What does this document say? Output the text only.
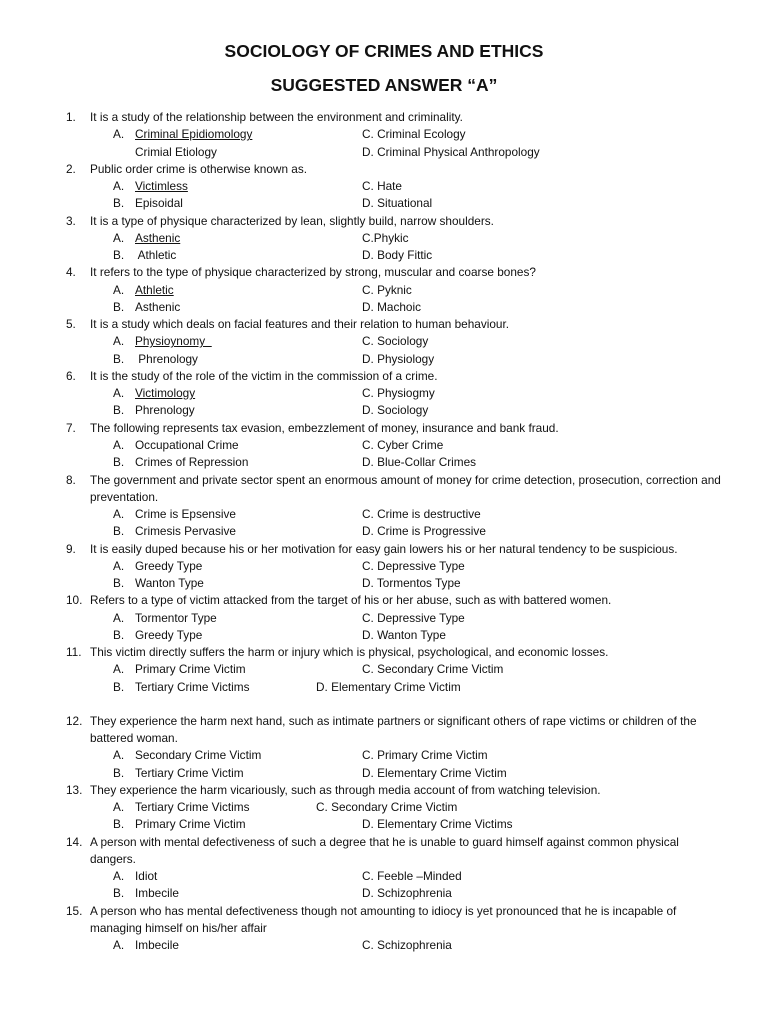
SOCIOLOGY OF CRIMES AND ETHICS
SUGGESTED ANSWER “A”
1. It is a study of the relationship between the environment and criminality.
A. Criminal Epidiomology	C. Criminal Ecology
Crimial Etiology	D. Criminal Physical Anthropology
2. Public order crime is otherwise known as.
A. Victimless	C. Hate
B. Episoidal	D. Situational
3. It is a type of physique characterized by lean, slightly build, narrow shoulders.
A. Asthenic	C.Phykic
B. Athletic	D. Body Fittic
4. It refers to the type of physique characterized by strong, muscular and coarse bones?
A. Athletic	C. Pyknic
B. Asthenic	D. Machoic
5. It is a study which deals on facial features and their relation to human behaviour.
A. Physioynomy	C. Sociology
B. Phrenology	D. Physiology
6. It is the study of the role of the victim in the commission of a crime.
A. Victimology	C. Physiogmy
B. Phrenology	D. Sociology
7. The following represents tax evasion, embezzlement of money, insurance and bank fraud.
A. Occupational Crime	C. Cyber Crime
B. Crimes of Repression	D. Blue-Collar Crimes
8. The government and private sector spent an enormous amount of money for crime detection, prosecution, correction and preventation.
A. Crime is Epsensive	C. Crime is destructive
B. Crimesis Pervasive	D. Crime is Progressive
9. It is easily duped because his or her motivation for easy gain lowers his or her natural tendency to be suspicious.
A. Greedy Type	C. Depressive Type
B. Wanton Type	D. Tormentos Type
10. Refers to a type of victim attacked from the target of his or her abuse, such as with battered women.
A. Tormentor Type	C. Depressive Type
B. Greedy Type	D. Wanton Type
11. This victim directly suffers the harm or injury which is physical, psychological, and economic losses.
A. Primary Crime Victim	C. Secondary Crime Victim
B. Tertiary Crime Victims	D. Elementary Crime Victim
12. They experience the harm next hand, such as intimate partners or significant others of rape victims or children of the battered woman.
A. Secondary Crime Victim	C. Primary Crime Victim
B. Tertiary Crime Victim	D. Elementary Crime Victim
13. They experience the harm vicariously, such as through media account of from watching television.
A. Tertiary Crime Victims	C. Secondary Crime Victim
B. Primary Crime Victim	D. Elementary Crime Victims
14. A person with mental defectiveness of such a degree that he is unable to guard himself against common physical dangers.
A. Idiot	C. Feeble –Minded
B. Imbecile	D. Schizophrenia
15. A person who has mental defectiveness though not amounting to idiocy is yet pronounced that he is incapable of managing himself on his/her affair
A. Imbecile	C. Schizophrenia
